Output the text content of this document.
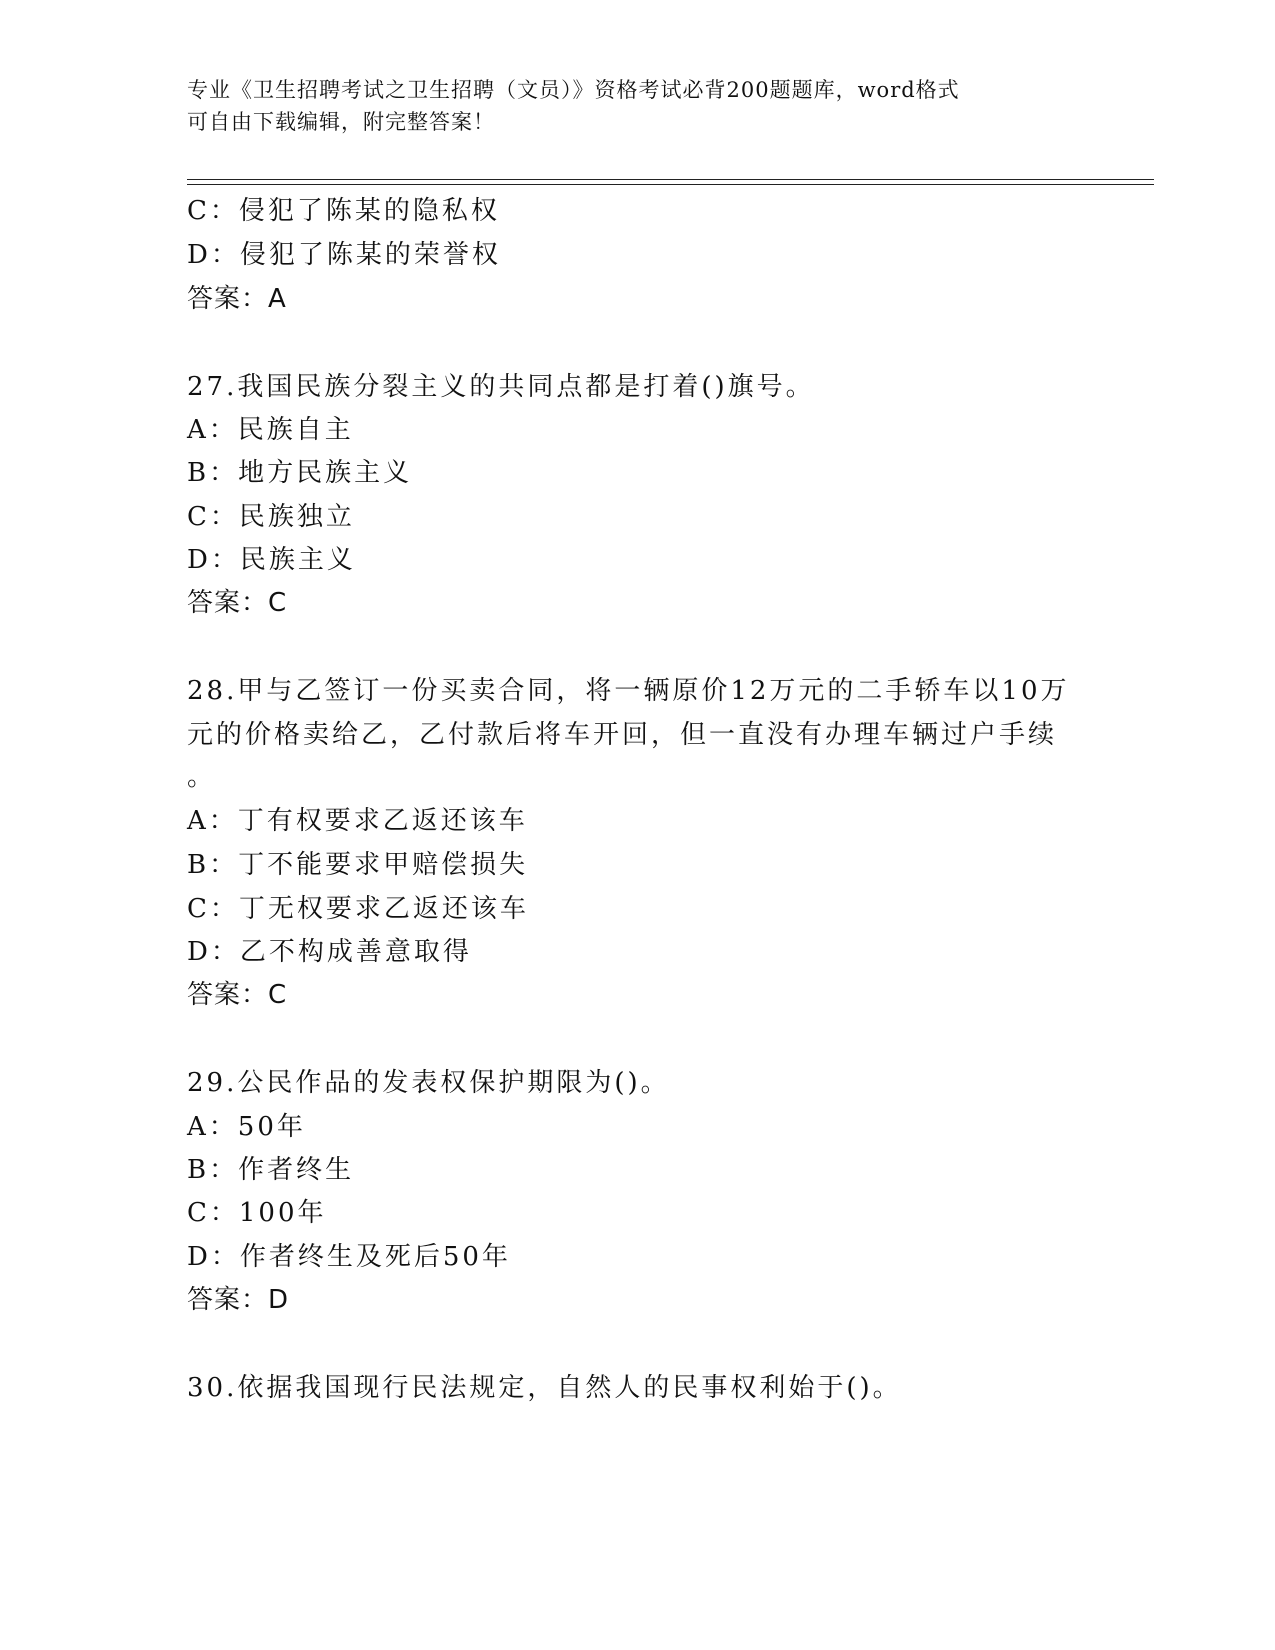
专业《卫生招聘考试之卫生招聘（文员）》资格考试必背200题题库，word格式
可自由下载编辑，附完整答案！
C：侵犯了陈某的隐私权
D：侵犯了陈某的荣誉权
答案：A
27.我国民族分裂主义的共同点都是打着()旗号。
A：民族自主
B：地方民族主义
C：民族独立
D：民族主义
答案：C
28.甲与乙签订一份买卖合同，将一辆原价12万元的二手轿车以10万
元的价格卖给乙，乙付款后将车开回，但一直没有办理车辆过户手续
。
A：丁有权要求乙返还该车
B：丁不能要求甲赔偿损失
C：丁无权要求乙返还该车
D：乙不构成善意取得
答案：C
29.公民作品的发表权保护期限为()。
A：50年
B：作者终生
C：100年
D：作者终生及死后50年
答案：D
30.依据我国现行民法规定，自然人的民事权利始于()。
